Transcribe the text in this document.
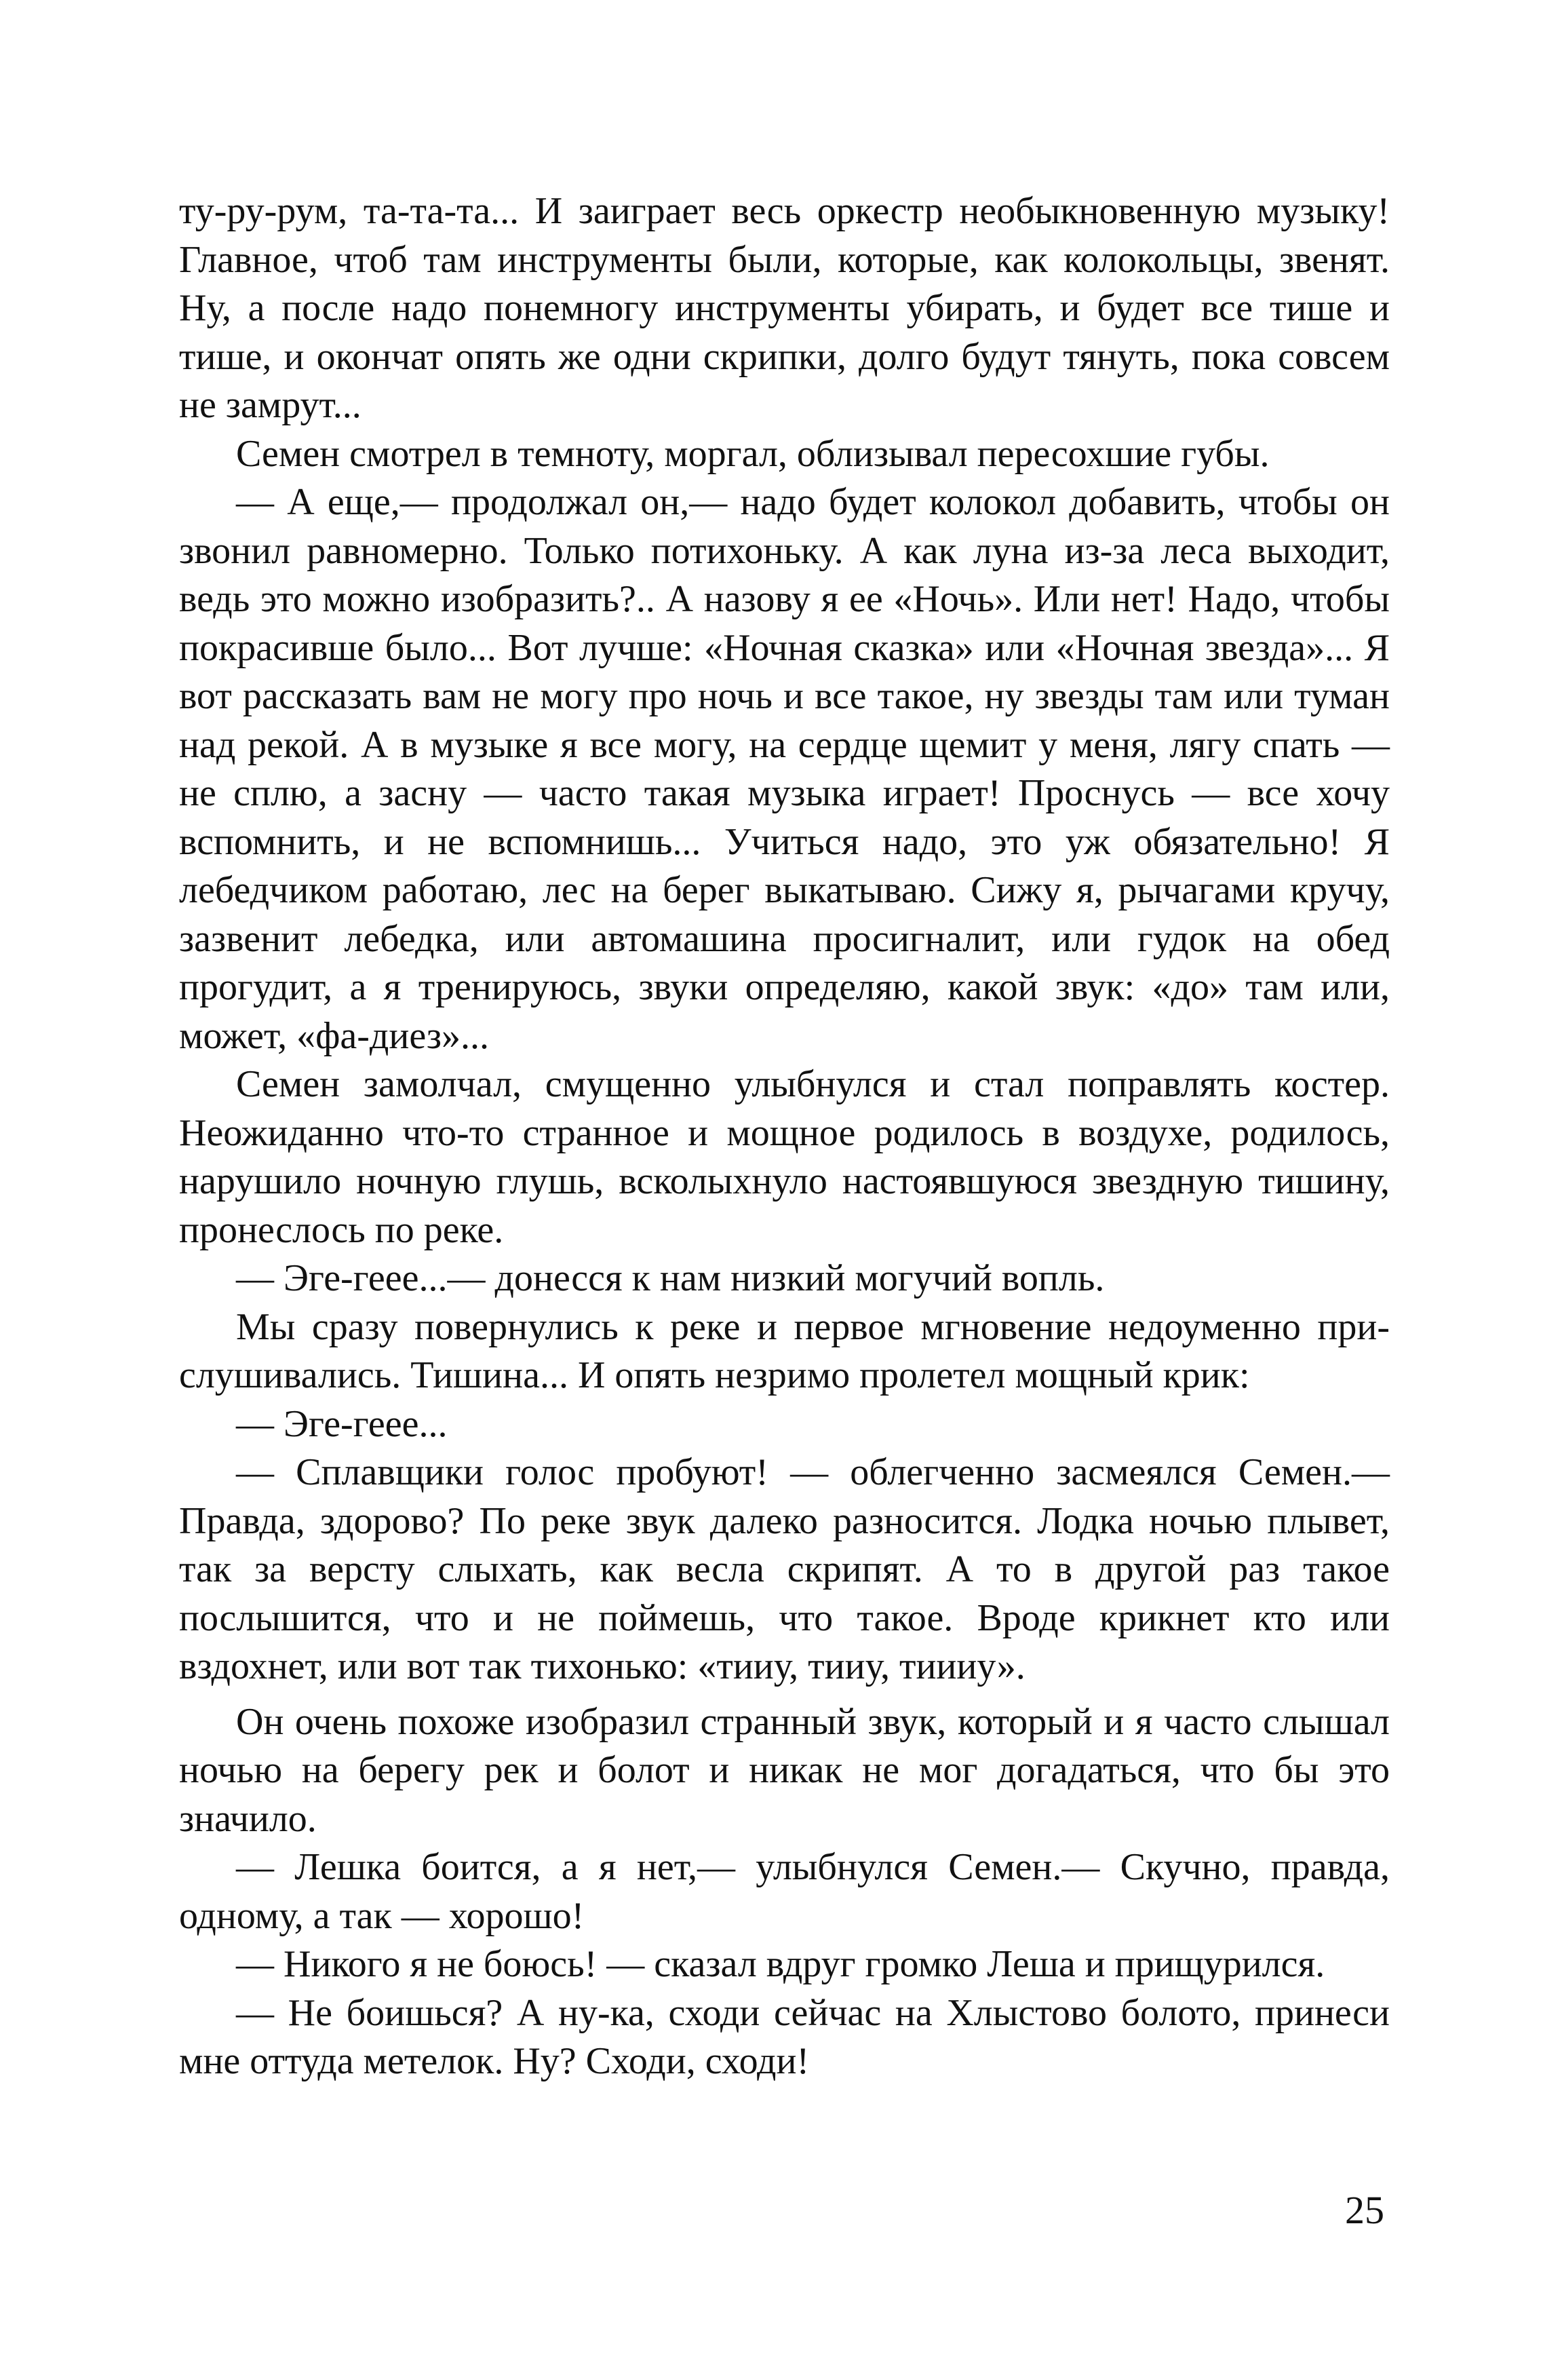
ту-ру-рум, та-та-та... И заиграет весь оркестр необыкновенную музыку! Главное, чтоб там инструменты были, которые, как колокольцы, звенят. Ну, а после надо понемногу инструменты убирать, и будет все тише и тише, и окончат опять же одни скрипки, долго будут тянуть, пока совсем не замрут...

Семен смотрел в темноту, моргал, облизывал пересохшие губы.

— А еще,— продолжал он,— надо будет колокол добавить, чтобы он звонил равномерно. Только потихоньку. А как луна из-за леса выходит, ведь это можно изобразить?.. А назову я ее «Ночь». Или нет! Надо, чтобы покрасивше было... Вот лучше: «Ночная сказка» или «Ночная звезда»... Я вот рассказать вам не могу про ночь и все такое, ну звезды там или туман над рекой. А в музыке я все могу, на сердце щемит у меня, лягу спать — не сплю, а засну — часто такая музыка играет! Проснусь — все хочу вспомнить, и не вспомнишь... Учиться надо, это уж обязательно! Я лебедчиком работаю, лес на берег выкатываю. Сижу я, рычагами кручу, зазвенит лебедка, или автомашина просигналит, или гудок на обед прогудит, а я тренируюсь, звуки определяю, какой звук: «до» там или, может, «фа-диез»...

Семен замолчал, смущенно улыбнулся и стал поправлять костер. Неожиданно что-то странное и мощное родилось в воздухе, родилось, нарушило ночную глушь, всколыхнуло настоявшуюся звездную тишину, пронеслось по реке.

— Эге-геее...— донесся к нам низкий могучий вопль.

Мы сразу повернулись к реке и первое мгновение недоуменно прислушивались. Тишина... И опять незримо пролетел мощный крик:

— Эге-геее...

— Сплавщики голос пробуют! — облегченно засмеялся Семен.— Правда, здорово? По реке звук далеко разносится. Лодка ночью плывет, так за версту слыхать, как весла скрипят. А то в другой раз такое послышится, что и не поймешь, что такое. Вроде крикнет кто или вздохнет, или вот так тихонько: «тииу, тииу, тиииу».

Он очень похоже изобразил странный звук, который и я часто слышал ночью на берегу рек и болот и никак не мог догадаться, что бы это значило.

— Лешка боится, а я нет,— улыбнулся Семен.— Скучно, правда, одному, а так — хорошо!

— Никого я не боюсь! — сказал вдруг громко Леша и прищурился.

— Не боишься? А ну-ка, сходи сейчас на Хлыстово болото, принеси мне оттуда метелок. Ну? Сходи, сходи!

25
